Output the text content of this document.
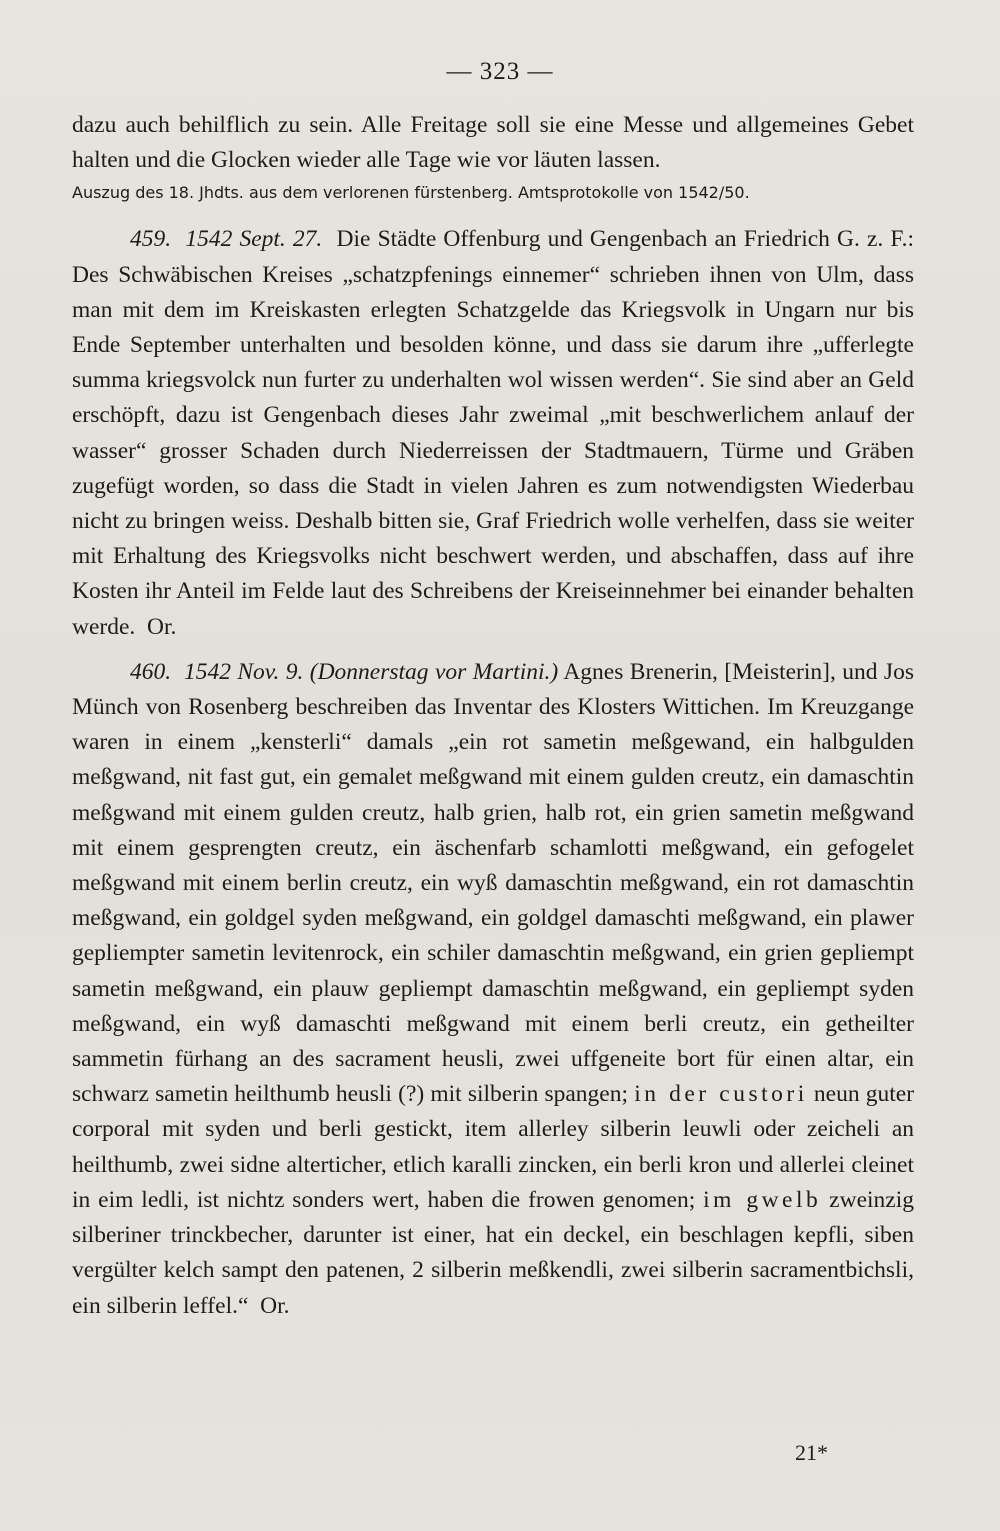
— 323 —

dazu auch behilflich zu sein. Alle Freitage soll sie eine Messe und allgemeines Gebet halten und die Glocken wieder alle Tage wie vor läuten lassen.

Auszug des 18. Jhdts. aus dem verlorenen fürstenberg. Amtsprotokolle von 1542/50.

459. 1542 Sept. 27. Die Städte Offenburg und Gengenbach an Friedrich G. z. F.: Des Schwäbischen Kreises „schatzpfenings einnemer“ schrieben ihnen von Ulm, dass man mit dem im Kreiskasten erlegten Schatzgelde das Kriegsvolk in Ungarn nur bis Ende September unterhalten und besolden könne, und dass sie darum ihre „ufferlegte summa kriegsvolck nun furter zu underhalten wol wissen werden“. Sie sind aber an Geld erschöpft, dazu ist Gengenbach dieses Jahr zweimal „mit beschwerlichem anlauf der wasser“ grosser Schaden durch Niederreissen der Stadtmauern, Türme und Gräben zugefügt worden, so dass die Stadt in vielen Jahren es zum notwendigsten Wiederbau nicht zu bringen weiss. Deshalb bitten sie, Graf Friedrich wolle verhelfen, dass sie weiter mit Erhaltung des Kriegsvolks nicht beschwert werden, und abschaffen, dass auf ihre Kosten ihr Anteil im Felde laut des Schreibens der Kreiseinnehmer bei einander behalten werde. Or.

460. 1542 Nov. 9. (Donnerstag vor Martini.) Agnes Brenerin, [Meisterin], und Jos Münch von Rosenberg beschreiben das Inventar des Klosters Wittichen. Im Kreuzgange waren in einem „kensterli“ damals „ein rot sametin meßgewand, ein halbgulden meßgwand, nit fast gut, ein gemalet meßgwand mit einem gulden creutz, ein damaschtin meßgwand mit einem gulden creutz, halb grien, halb rot, ein grien sametin meßgwand mit einem gesprengten creutz, ein äschenfarb schamlotti meßgwand, ein gefogelet meßgwand mit einem berlin creutz, ein wyß damaschtin meßgwand, ein rot damaschtin meßgwand, ein goldgel syden meßgwand, ein goldgel damaschti meßgwand, ein plawer gepliempter sametin levitenrock, ein schiler damaschtin meßgwand, ein grien gepliempt sametin meßgwand, ein plauw gepliempt damaschtin meßgwand, ein gepliempt syden meßgwand, ein wyß damaschti meßgwand mit einem berli creutz, ein getheilter sammetin fürhang an des sacrament heusli, zwei uffgeneite bort für einen altar, ein schwarz sametin heilthumb heusli (?) mit silberin spangen; in der custori neun guter corporal mit syden und berli gestickt, item allerley silberin leuwli oder zeicheli an heilthumb, zwei sidne alterticher, etlich karalli zincken, ein berli kron und allerlei cleinet in eim ledli, ist nichtz sonders wert, haben die frowen genomen; im gwelb zweinzig silberiner trinckbecher, darunter ist einer, hat ein deckel, ein beschlagen kepfli, siben vergülter kelch sampt den patenen, 2 silberin meßkendli, zwei silberin sacramentbichsli, ein silberin leffel.“ Or.

21*
